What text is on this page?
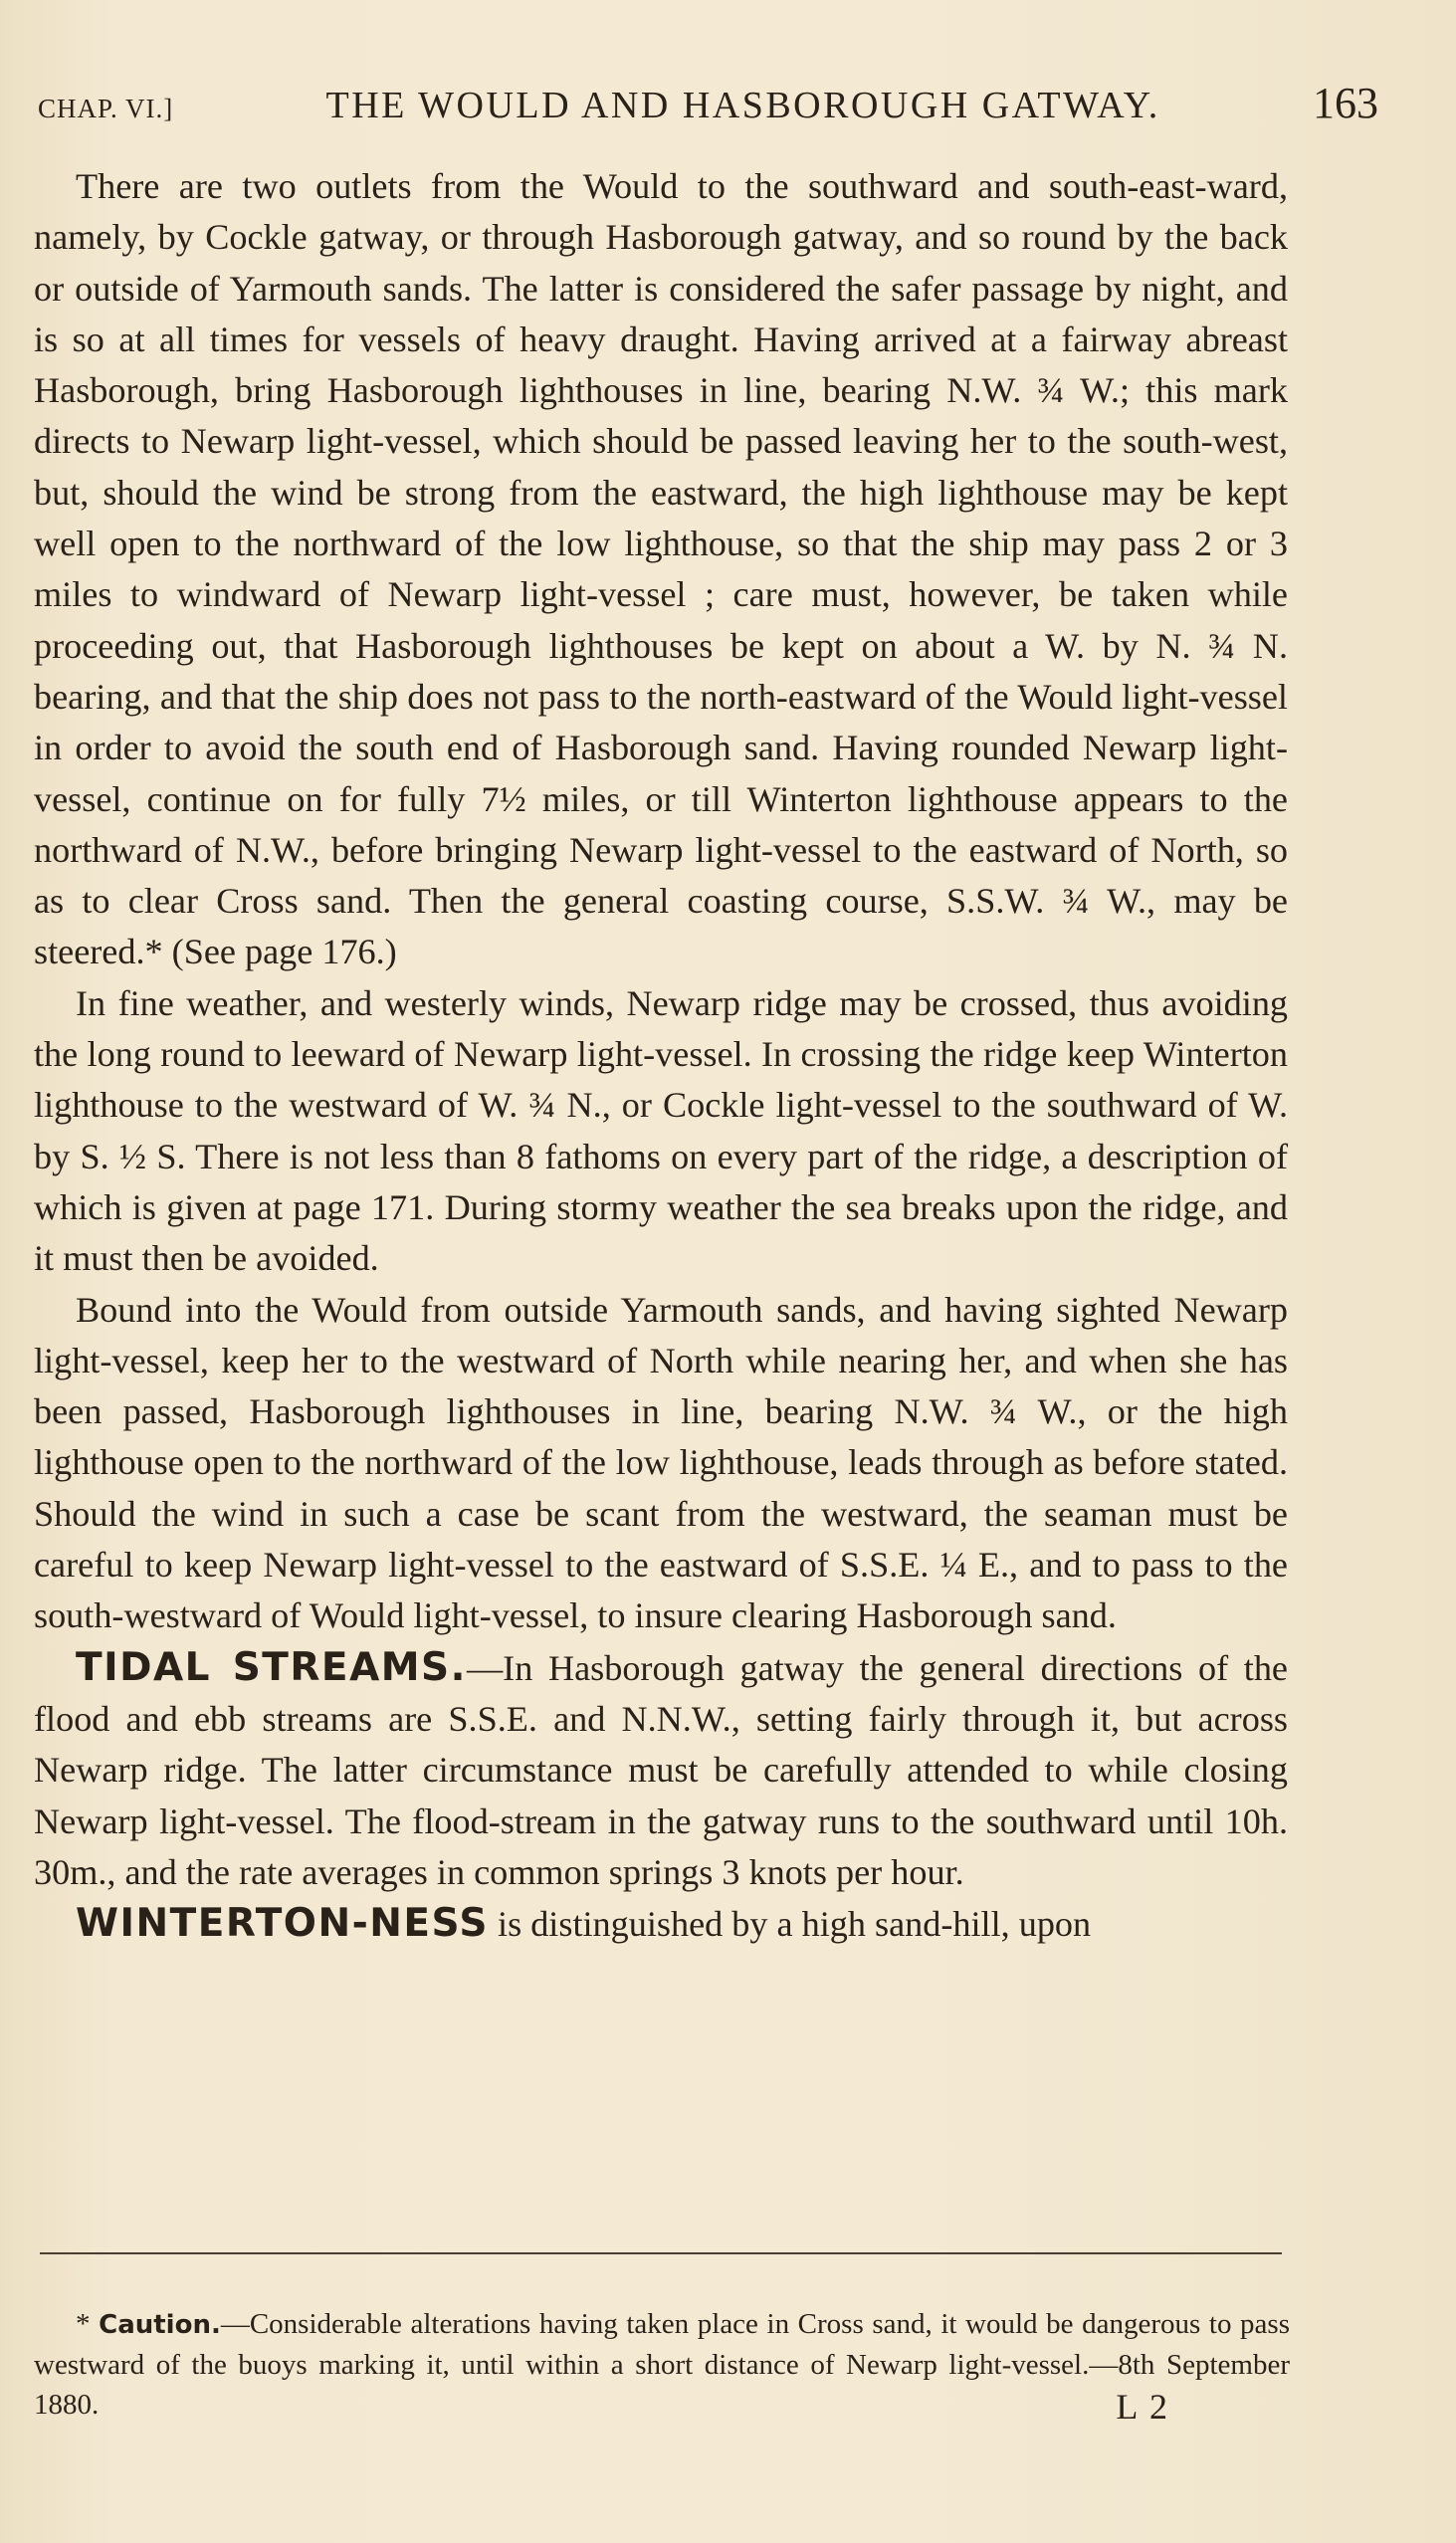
CHAP. VI.]	THE WOULD AND HASBOROUGH GATWAY.	163

There are two outlets from the Would to the southward and south-east-ward, namely, by Cockle gatway, or through Hasborough gatway, and so round by the back or outside of Yarmouth sands. The latter is considered the safer passage by night, and is so at all times for vessels of heavy draught. Having arrived at a fairway abreast Hasborough, bring Hasborough lighthouses in line, bearing N.W. ¾ W.; this mark directs to Newarp light-vessel, which should be passed leaving her to the south-west, but, should the wind be strong from the eastward, the high lighthouse may be kept well open to the northward of the low lighthouse, so that the ship may pass 2 or 3 miles to windward of Newarp light-vessel ; care must, however, be taken while proceeding out, that Hasborough lighthouses be kept on about a W. by N. ¾ N. bearing, and that the ship does not pass to the north-eastward of the Would light-vessel in order to avoid the south end of Hasborough sand. Having rounded Newarp light-vessel, continue on for fully 7½ miles, or till Winterton lighthouse appears to the northward of N.W., before bringing Newarp light-vessel to the eastward of North, so as to clear Cross sand. Then the general coasting course, S.S.W. ¾ W., may be steered.* (See page 176.)

In fine weather, and westerly winds, Newarp ridge may be crossed, thus avoiding the long round to leeward of Newarp light-vessel. In crossing the ridge keep Winterton lighthouse to the westward of W. ¾ N., or Cockle light-vessel to the southward of W. by S. ½ S. There is not less than 8 fathoms on every part of the ridge, a description of which is given at page 171. During stormy weather the sea breaks upon the ridge, and it must then be avoided.

Bound into the Would from outside Yarmouth sands, and having sighted Newarp light-vessel, keep her to the westward of North while nearing her, and when she has been passed, Hasborough lighthouses in line, bearing N.W. ¾ W., or the high lighthouse open to the northward of the low lighthouse, leads through as before stated. Should the wind in such a case be scant from the westward, the seaman must be careful to keep Newarp light-vessel to the eastward of S.S.E. ¼ E., and to pass to the south-westward of Would light-vessel, to insure clearing Hasborough sand.

TIDAL STREAMS.—In Hasborough gatway the general directions of the flood and ebb streams are S.S.E. and N.N.W., setting fairly through it, but across Newarp ridge. The latter circumstance must be carefully attended to while closing Newarp light-vessel. The flood-stream in the gatway runs to the southward until 10h. 30m., and the rate averages in common springs 3 knots per hour.

WINTERTON-NESS is distinguished by a high sand-hill, upon

* Caution.—Considerable alterations having taken place in Cross sand, it would be dangerous to pass westward of the buoys marking it, until within a short distance of Newarp light-vessel.—8th September 1880.	L 2
